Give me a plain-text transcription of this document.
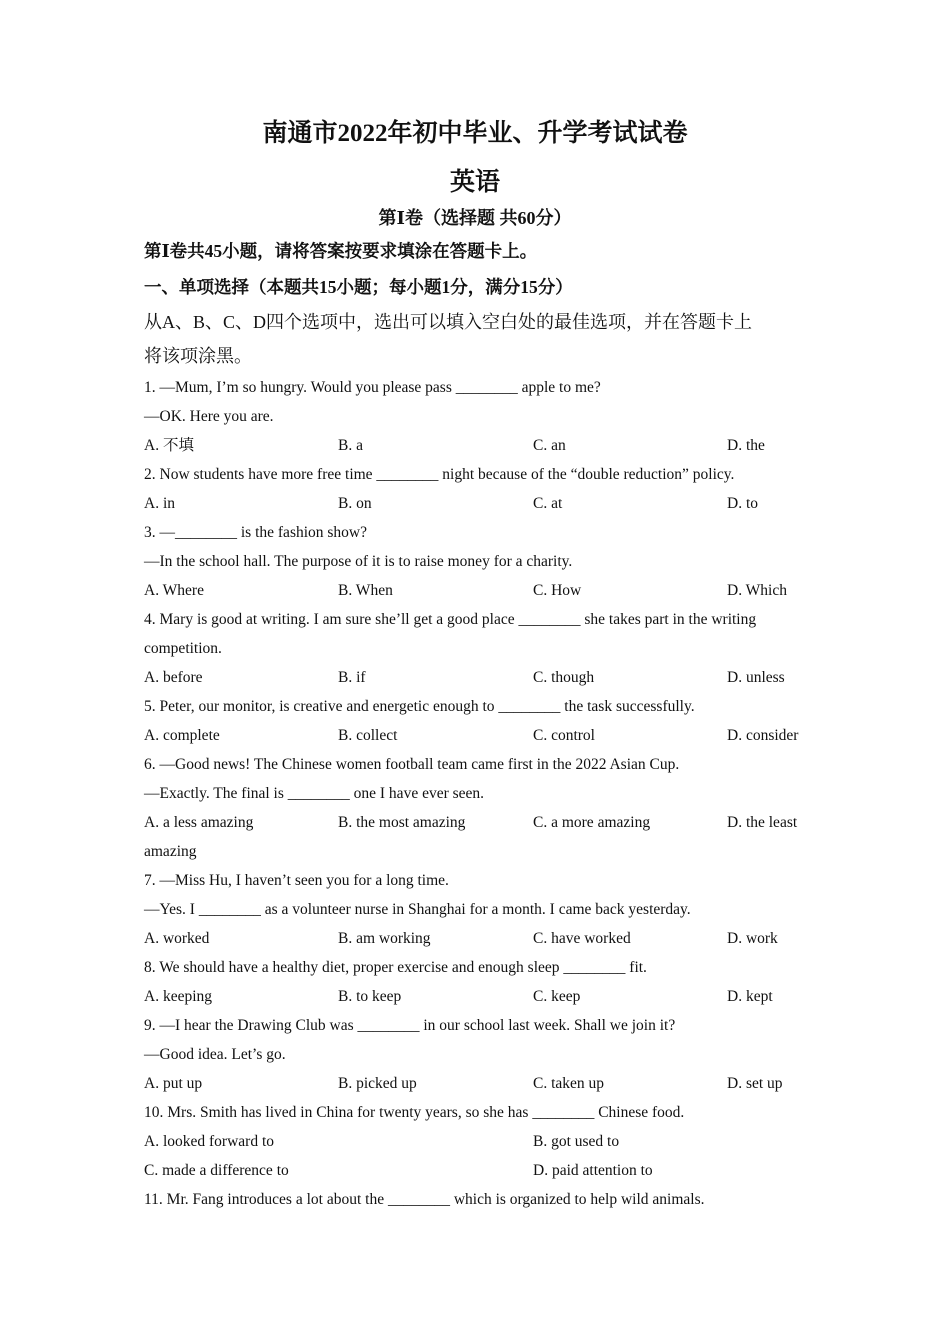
南通市2022年初中毕业、升学考试试卷
英语
第Ⅰ卷（选择题 共60分）
第Ⅰ卷共45小题，请将答案按要求填涂在答题卡上。
一、单项选择（本题共15小题；每小题1分，满分15分）
从A、B、C、D四个选项中，选出可以填入空白处的最佳选项，并在答题卡上
将该项涂黑。
1. —Mum, I’m so hungry. Would you please pass ________ apple to me?
—OK. Here you are.
A. 不填	B. a	C. an	D. the
2. Now students have more free time ________ night because of the “double reduction” policy.
A. in	B. on	C. at	D. to
3. —________ is the fashion show?
—In the school hall. The purpose of it is to raise money for a charity.
A. Where	B. When	C. How	D. Which
4. Mary is good at writing. I am sure she’ll get a good place ________ she takes part in the writing
competition.
A. before	B. if	C. though	D. unless
5. Peter, our monitor, is creative and energetic enough to ________ the task successfully.
A. complete	B. collect	C. control	D. consider
6. —Good news! The Chinese women football team came first in the 2022 Asian Cup.
—Exactly. The final is ________ one I have ever seen.
A. a less amazing	B. the most amazing	C. a more amazing	D. the least
amazing
7. —Miss Hu, I haven’t seen you for a long time.
—Yes. I ________ as a volunteer nurse in Shanghai for a month. I came back yesterday.
A. worked	B. am working	C. have worked	D. work
8. We should have a healthy diet, proper exercise and enough sleep ________ fit.
A. keeping	B. to keep	C. keep	D. kept
9. —I hear the Drawing Club was ________ in our school last week. Shall we join it?
—Good idea. Let’s go.
A. put up	B. picked up	C. taken up	D. set up
10. Mrs. Smith has lived in China for twenty years, so she has ________ Chinese food.
A. looked forward to	B. got used to
C. made a difference to	D. paid attention to
11. Mr. Fang introduces a lot about the ________ which is organized to help wild animals.
